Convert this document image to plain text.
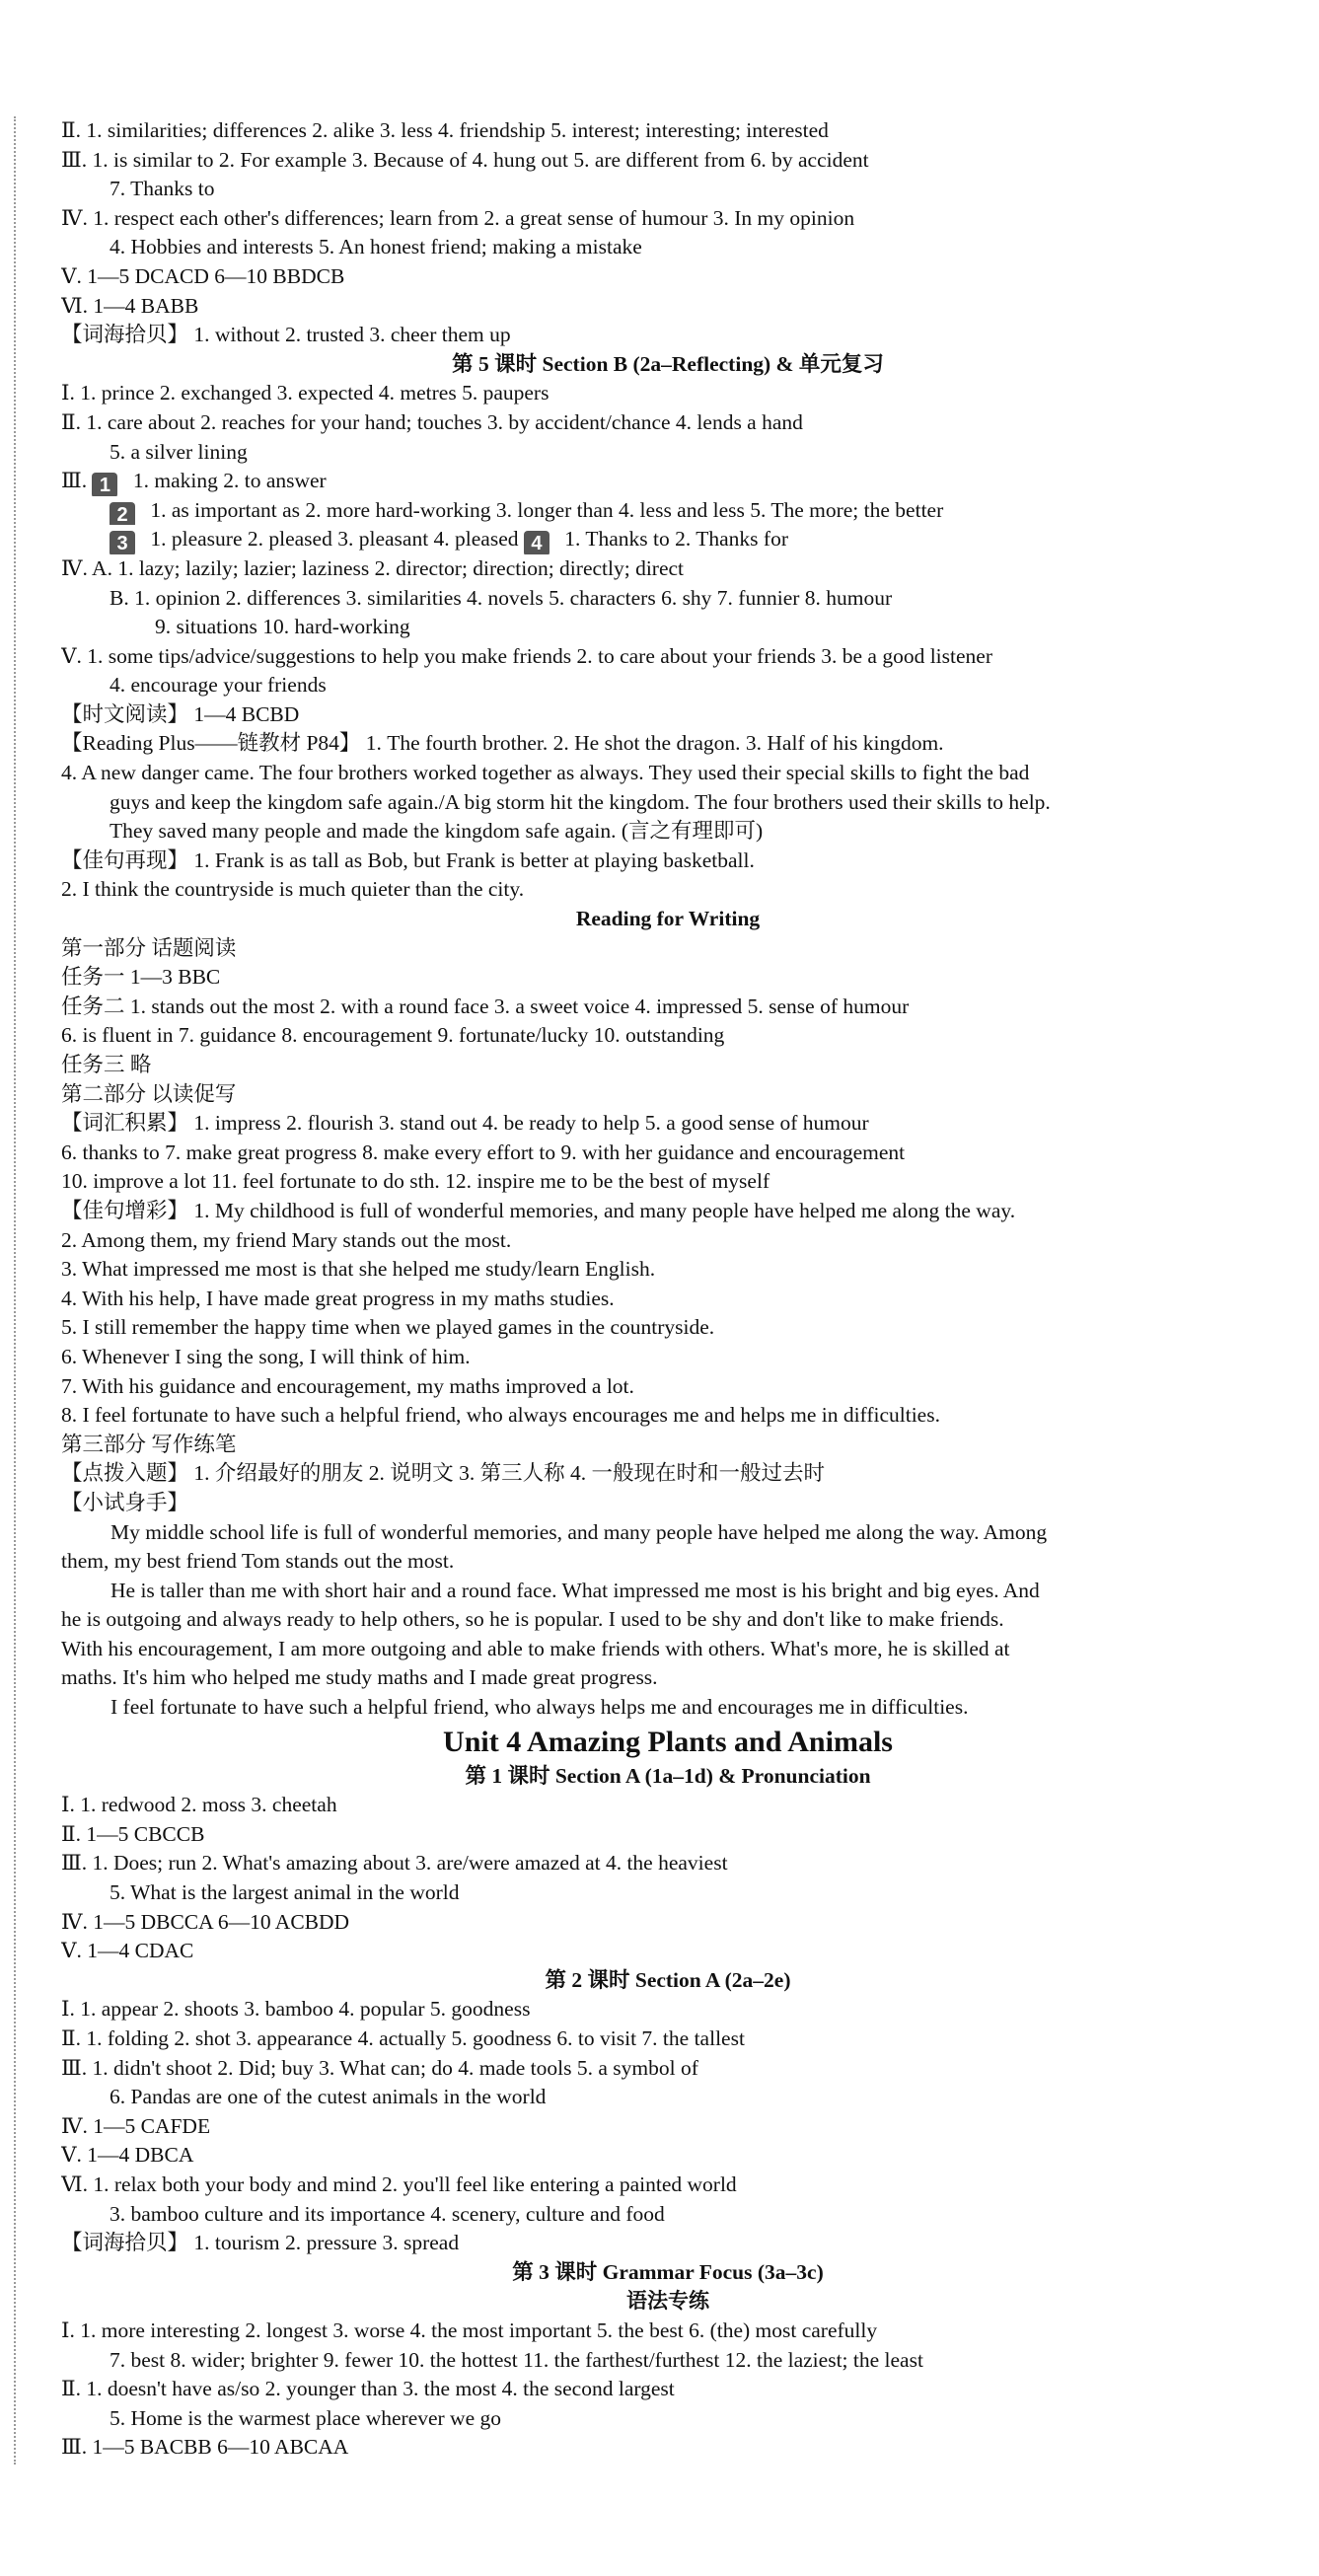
Ⅱ. 1. similarities; differences 2. alike 3. less 4. friendship 5. interest; interesting; interested
Ⅲ. 1. is similar to 2. For example 3. Because of 4. hung out 5. are different from 6. by accident
7. Thanks to
Ⅳ. 1. respect each other's differences; learn from 2. a great sense of humour 3. In my opinion
4. Hobbies and interests 5. An honest friend; making a mistake
Ⅴ. 1—5 DCACD 6—10 BBDCB
Ⅵ. 1—4 BABB
【词海拾贝】 1. without 2. trusted 3. cheer them up
第 5 课时 Section B (2a–Reflecting) & 单元复习
Ⅰ. 1. prince 2. exchanged 3. expected 4. metres 5. paupers
Ⅱ. 1. care about 2. reaches for your hand; touches 3. by accident/chance 4. lends a hand
5. a silver lining
Ⅲ. 1 1. making 2. to answer
2 1. as important as 2. more hard-working 3. longer than 4. less and less 5. The more; the better
3 1. pleasure 2. pleased 3. pleasant 4. pleased 4 1. Thanks to 2. Thanks for
Ⅳ. A. 1. lazy; lazily; lazier; laziness 2. director; direction; directly; direct
B. 1. opinion 2. differences 3. similarities 4. novels 5. characters 6. shy 7. funnier 8. humour
9. situations 10. hard-working
Ⅴ. 1. some tips/advice/suggestions to help you make friends 2. to care about your friends 3. be a good listener
4. encourage your friends
【时文阅读】 1—4 BCBD
【Reading Plus——链教材 P84】 1. The fourth brother. 2. He shot the dragon. 3. Half of his kingdom.
4. A new danger came. The four brothers worked together as always. They used their special skills to fight the bad
guys and keep the kingdom safe again./A big storm hit the kingdom. The four brothers used their skills to help.
They saved many people and made the kingdom safe again. (言之有理即可)
【佳句再现】 1. Frank is as tall as Bob, but Frank is better at playing basketball.
2. I think the countryside is much quieter than the city.
Reading for Writing
第一部分 话题阅读
任务一 1—3 BBC
任务二 1. stands out the most 2. with a round face 3. a sweet voice 4. impressed 5. sense of humour
6. is fluent in 7. guidance 8. encouragement 9. fortunate/lucky 10. outstanding
任务三 略
第二部分 以读促写
【词汇积累】 1. impress 2. flourish 3. stand out 4. be ready to help 5. a good sense of humour
6. thanks to 7. make great progress 8. make every effort to 9. with her guidance and encouragement
10. improve a lot 11. feel fortunate to do sth. 12. inspire me to be the best of myself
【佳句增彩】 1. My childhood is full of wonderful memories, and many people have helped me along the way.
2. Among them, my friend Mary stands out the most.
3. What impressed me most is that she helped me study/learn English.
4. With his help, I have made great progress in my maths studies.
5. I still remember the happy time when we played games in the countryside.
6. Whenever I sing the song, I will think of him.
7. With his guidance and encouragement, my maths improved a lot.
8. I feel fortunate to have such a helpful friend, who always encourages me and helps me in difficulties.
第三部分 写作练笔
【点拨入题】 1. 介绍最好的朋友 2. 说明文 3. 第三人称 4. 一般现在时和一般过去时
【小试身手】
My middle school life is full of wonderful memories, and many people have helped me along the way. Among
them, my best friend Tom stands out the most.
He is taller than me with short hair and a round face. What impressed me most is his bright and big eyes. And
he is outgoing and always ready to help others, so he is popular. I used to be shy and don't like to make friends.
With his encouragement, I am more outgoing and able to make friends with others. What's more, he is skilled at
maths. It's him who helped me study maths and I made great progress.
I feel fortunate to have such a helpful friend, who always helps me and encourages me in difficulties.
Unit 4 Amazing Plants and Animals
第 1 课时 Section A (1a–1d) & Pronunciation
Ⅰ. 1. redwood 2. moss 3. cheetah
Ⅱ. 1—5 CBCCB
Ⅲ. 1. Does; run 2. What's amazing about 3. are/were amazed at 4. the heaviest
5. What is the largest animal in the world
Ⅳ. 1—5 DBCCA 6—10 ACBDD
Ⅴ. 1—4 CDAC
第 2 课时 Section A (2a–2e)
Ⅰ. 1. appear 2. shoots 3. bamboo 4. popular 5. goodness
Ⅱ. 1. folding 2. shot 3. appearance 4. actually 5. goodness 6. to visit 7. the tallest
Ⅲ. 1. didn't shoot 2. Did; buy 3. What can; do 4. made tools 5. a symbol of
6. Pandas are one of the cutest animals in the world
Ⅳ. 1—5 CAFDE
Ⅴ. 1—4 DBCA
Ⅵ. 1. relax both your body and mind 2. you'll feel like entering a painted world
3. bamboo culture and its importance 4. scenery, culture and food
【词海拾贝】 1. tourism 2. pressure 3. spread
第 3 课时 Grammar Focus (3a–3c)
语法专练
Ⅰ. 1. more interesting 2. longest 3. worse 4. the most important 5. the best 6. (the) most carefully
7. best 8. wider; brighter 9. fewer 10. the hottest 11. the farthest/furthest 12. the laziest; the least
Ⅱ. 1. doesn't have as/so 2. younger than 3. the most 4. the second largest
5. Home is the warmest place wherever we go
Ⅲ. 1—5 BACBB 6—10 ABCAA
